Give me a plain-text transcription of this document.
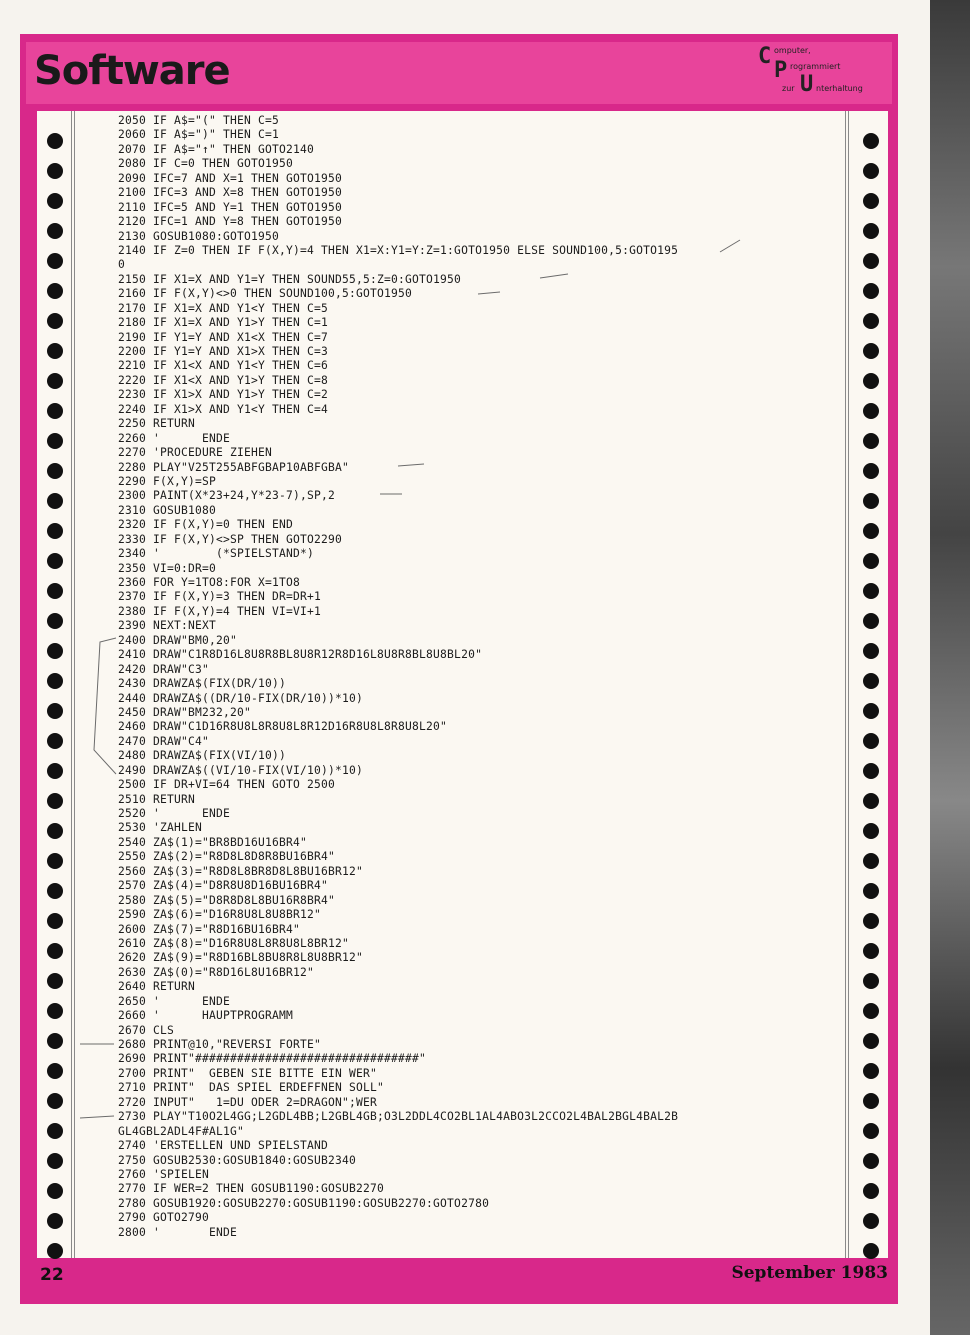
Software	C omputer,
P rogrammiert
zur U nterhaltung
2050 IF A$="(" THEN C=5
2060 IF A$=")" THEN C=1
2070 IF A$="↑" THEN GOTO2140
2080 IF C=0 THEN GOTO1950
2090 IFC=7 AND X=1 THEN GOTO1950
2100 IFC=3 AND X=8 THEN GOTO1950
2110 IFC=5 AND Y=1 THEN GOTO1950
2120 IFC=1 AND Y=8 THEN GOTO1950
2130 GOSUB1080:GOTO1950
2140 IF Z=0 THEN IF F(X,Y)=4 THEN X1=X:Y1=Y:Z=1:GOTO1950 ELSE SOUND100,5:GOTO195
0
2150 IF X1=X AND Y1=Y THEN SOUND55,5:Z=0:GOTO1950
2160 IF F(X,Y)<>0 THEN SOUND100,5:GOTO1950
2170 IF X1=X AND Y1<Y THEN C=5
2180 IF X1=X AND Y1>Y THEN C=1
2190 IF Y1=Y AND X1<X THEN C=7
2200 IF Y1=Y AND X1>X THEN C=3
2210 IF X1<X AND Y1<Y THEN C=6
2220 IF X1<X AND Y1>Y THEN C=8
2230 IF X1>X AND Y1>Y THEN C=2
2240 IF X1>X AND Y1<Y THEN C=4
2250 RETURN
2260 '      ENDE
2270 'PROCEDURE ZIEHEN
2280 PLAY"V25T255ABFGBAP10ABFGBA"
2290 F(X,Y)=SP
2300 PAINT(X*23+24,Y*23-7),SP,2
2310 GOSUB1080
2320 IF F(X,Y)=0 THEN END
2330 IF F(X,Y)<>SP THEN GOTO2290
2340 '        (*SPIELSTAND*)
2350 VI=0:DR=0
2360 FOR Y=1TO8:FOR X=1TO8
2370 IF F(X,Y)=3 THEN DR=DR+1
2380 IF F(X,Y)=4 THEN VI=VI+1
2390 NEXT:NEXT
2400 DRAW"BM0,20"
2410 DRAW"C1R8D16L8U8R8BL8U8R12R8D16L8U8R8BL8U8BL20"
2420 DRAW"C3"
2430 DRAWZA$(FIX(DR/10))
2440 DRAWZA$((DR/10-FIX(DR/10))*10)
2450 DRAW"BM232,20"
2460 DRAW"C1D16R8U8L8R8U8L8R12D16R8U8L8R8U8L20"
2470 DRAW"C4"
2480 DRAWZA$(FIX(VI/10))
2490 DRAWZA$((VI/10-FIX(VI/10))*10)
2500 IF DR+VI=64 THEN GOTO 2500
2510 RETURN
2520 '      ENDE
2530 'ZAHLEN
2540 ZA$(1)="BR8BD16U16BR4"
2550 ZA$(2)="R8D8L8D8R8BU16BR4"
2560 ZA$(3)="R8D8L8BR8D8L8BU16BR12"
2570 ZA$(4)="D8R8U8D16BU16BR4"
2580 ZA$(5)="D8R8D8L8BU16R8BR4"
2590 ZA$(6)="D16R8U8L8U8BR12"
2600 ZA$(7)="R8D16BU16BR4"
2610 ZA$(8)="D16R8U8L8R8U8L8BR12"
2620 ZA$(9)="R8D16BL8BU8R8L8U8BR12"
2630 ZA$(0)="R8D16L8U16BR12"
2640 RETURN
2650 '      ENDE
2660 '      HAUPTPROGRAMM
2670 CLS
2680 PRINT@10,"REVERSI FORTE"
2690 PRINT"################################"
2700 PRINT"  GEBEN SIE BITTE EIN WER"
2710 PRINT"  DAS SPIEL ERDEFFNEN SOLL"
2720 INPUT"   1=DU ODER 2=DRAGON";WER
2730 PLAY"T10O2L4GG;L2GDL4BB;L2GBL4GB;O3L2DDL4CO2BL1AL4ABO3L2CCO2L4BAL2BGL4BAL2B
GL4GBL2ADL4F#AL1G"
2740 'ERSTELLEN UND SPIELSTAND
2750 GOSUB2530:GOSUB1840:GOSUB2340
2760 'SPIELEN
2770 IF WER=2 THEN GOSUB1190:GOSUB2270
2780 GOSUB1920:GOSUB2270:GOSUB1190:GOSUB2270:GOTO2780
2790 GOTO2790
2800 '       ENDE
22	September 1983
